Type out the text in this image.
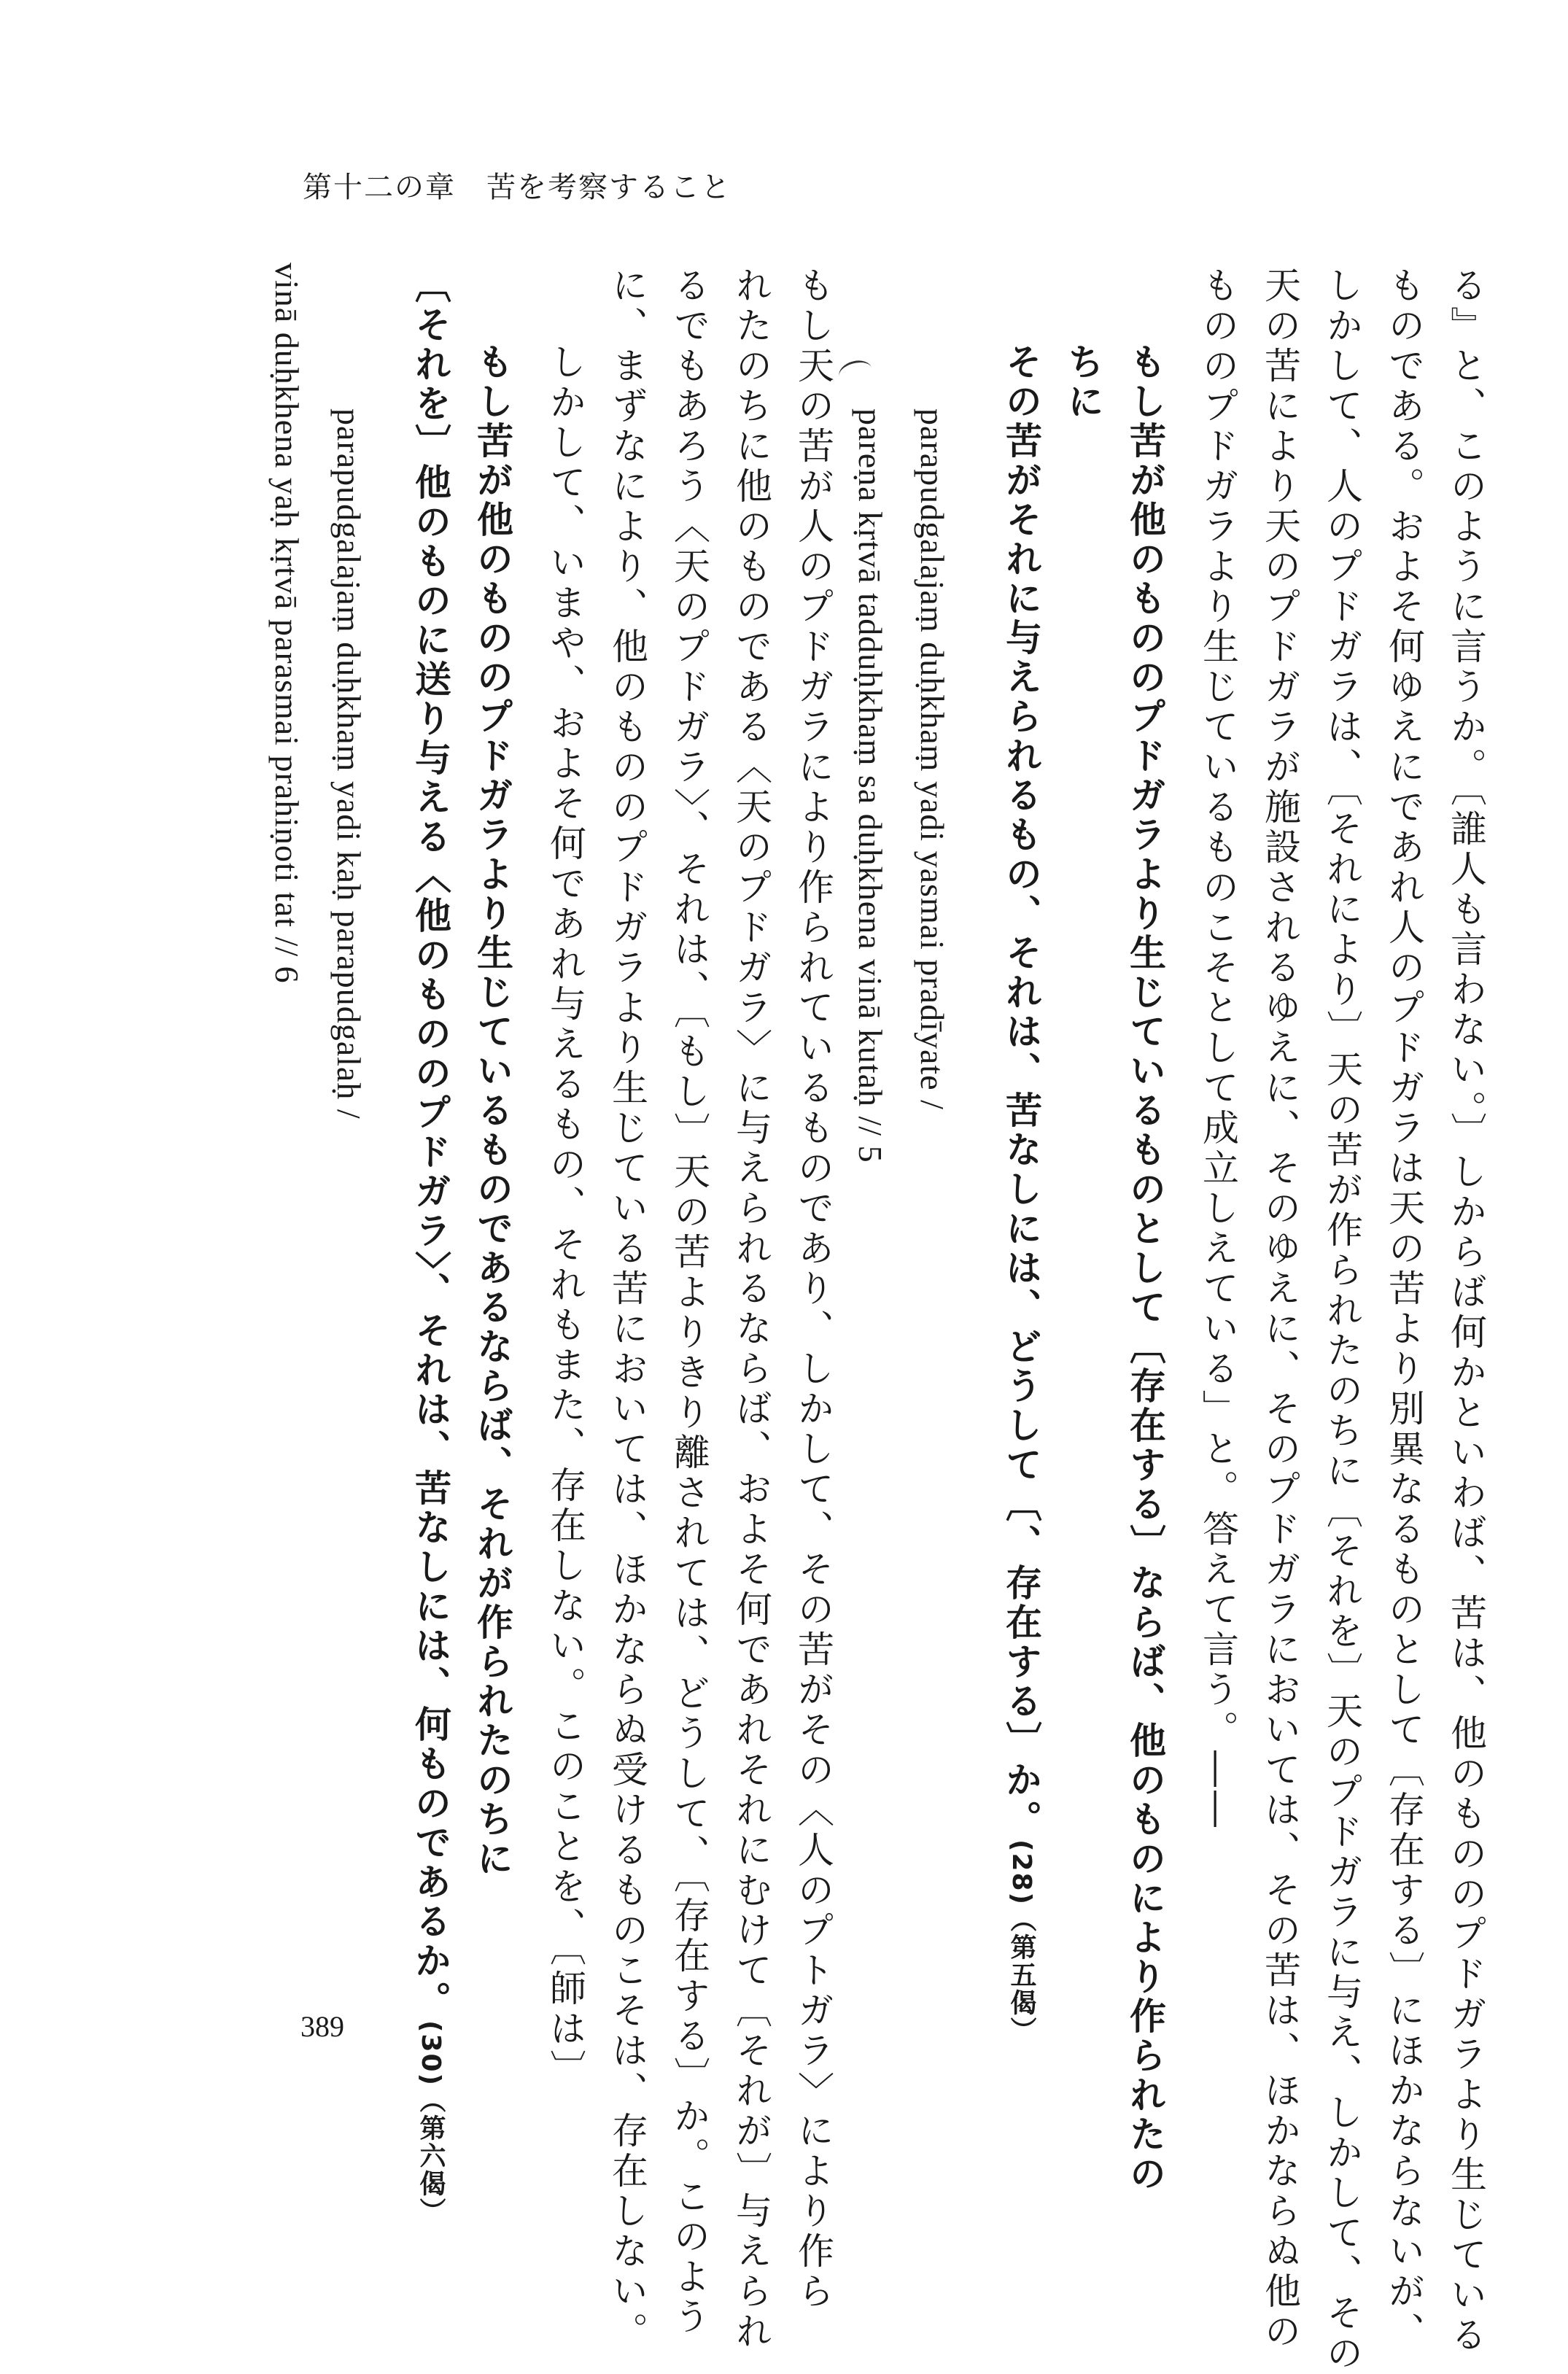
第十二の章　苦を考察すること
る』と、このように言うか。〔誰人も言わない。〕しからば何かといわば、苦は、他のもののプドガラより生じている
ものである。およそ何ゆえにであれ人のプドガラは天の苦より別異なるものとして〔存在する〕にほかならないが、
しかして、人のプドガラは、〔それにより〕天の苦が作られたのちに〔それを〕天のプドガラに与え、しかして、その
天の苦により天のプドガラが施設されるゆえに、そのゆえに、そのプドガラにおいては、その苦は、ほかならぬ他の
もののプドガラより生じているものこそとして成立しえている」と。答えて言う。――
もし苦が他のもののプドガラより生じているものとして〔存在する〕ならば、他のものにより作られたの
ちに
その苦がそれに与えられるもの、それは、苦なしには、どうして〔、存在する〕か。(28)（第五偈）
parapudgalajaṃ duḥkhaṃ yadi yasmai pradīyate /
pareṇa kṛtvā tadduḥkhaṃ sa duḥkhena vinā kutaḥ // 5
もし天の苦が人のプドガラにより作られているものであり、しかして、その苦がその〈人のプトガラ〉により作ら
れたのちに他のものである〈天のプドガラ〉に与えられるならば、およそ何であれそれにむけて〔それが〕与えられ
るでもあろう〈天のプドガラ〉、それは、〔もし〕天の苦よりきり離されては、どうして、〔存在する〕か。このよう
に、まずなにより、他のもののプドガラより生じている苦においては、ほかならぬ受けるものこそは、存在しない。
しかして、いまや、およそ何であれ与えるもの、それもまた、存在しない。このことを、〔師は〕
もし苦が他のもののプドガラより生じているものであるならば、それが作られたのちに
〔それを〕他のものに送り与える〈他のもののプドガラ〉、それは、苦なしには、何ものであるか。(30)（第六偈）
parapudgalajaṃ duḥkhaṃ yadi kaḥ parapudgalaḥ /
vinā duḥkhena yaḥ kṛtvā parasmai prahiṇoti tat // 6
389
